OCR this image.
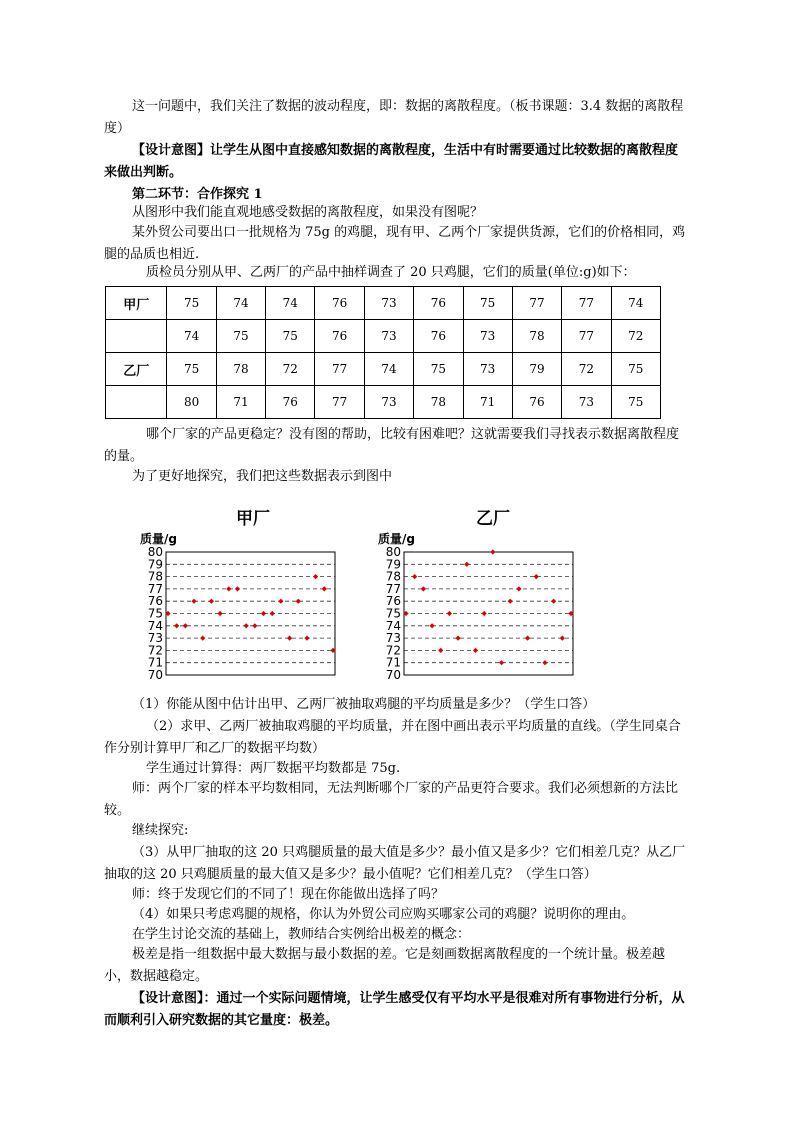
这一问题中，我们关注了数据的波动程度，即：数据的离散程度。（板书课题：3.4 数据的离散程度）

【设计意图】让学生从图中直接感知数据的离散程度，生活中有时需要通过比较数据的离散程度来做出判断。

第二环节：合作探究 1

从图形中我们能直观地感受数据的离散程度，如果没有图呢？

某外贸公司要出口一批规格为 75g 的鸡腿，现有甲、乙两个厂家提供货源，它们的价格相同，鸡腿的品质也相近.

质检员分别从甲、乙两厂的产品中抽样调查了 20 只鸡腿，它们的质量(单位:g)如下：

甲厂	75	74	74	76	73	76	75	77	77	74
	74	75	75	76	73	76	73	78	77	72
乙厂	75	78	72	77	74	75	73	79	72	75
	80	71	76	77	73	78	71	76	73	75

哪个厂家的产品更稳定？没有图的帮助，比较有困难吧？这就需要我们寻找表示数据离散程度的量。

为了更好地探究，我们把这些数据表示到图中

甲厂	乙厂
质量/g
80
79
78
77
76
75
74
73
72
71
70
质量/g
80
79
78
77
76
75
74
73
72
71
70

（1）你能从图中估计出甲、乙两厂被抽取鸡腿的平均质量是多少？（学生口答）

（2）求甲、乙两厂被抽取鸡腿的平均质量，并在图中画出表示平均质量的直线。（学生同桌合作分别计算甲厂和乙厂的数据平均数）

学生通过计算得：两厂数据平均数都是 75g.

师：两个厂家的样本平均数相同，无法判断哪个厂家的产品更符合要求。我们必须想新的方法比较。

继续探究:

（3）从甲厂抽取的这 20 只鸡腿质量的最大值是多少？最小值又是多少？它们相差几克？从乙厂抽取的这 20 只鸡腿质量的最大值又是多少？最小值呢？它们相差几克？（学生口答）

师：终于发现它们的不同了！现在你能做出选择了吗？

（4）如果只考虑鸡腿的规格，你认为外贸公司应购买哪家公司的鸡腿？说明你的理由。

在学生讨论交流的基础上，教师结合实例给出极差的概念：

极差是指一组数据中最大数据与最小数据的差。它是刻画数据离散程度的一个统计量。极差越小，数据越稳定。

【设计意图】：通过一个实际问题情境，让学生感受仅有平均水平是很难对所有事物进行分析，从而顺利引入研究数据的其它量度：极差。
